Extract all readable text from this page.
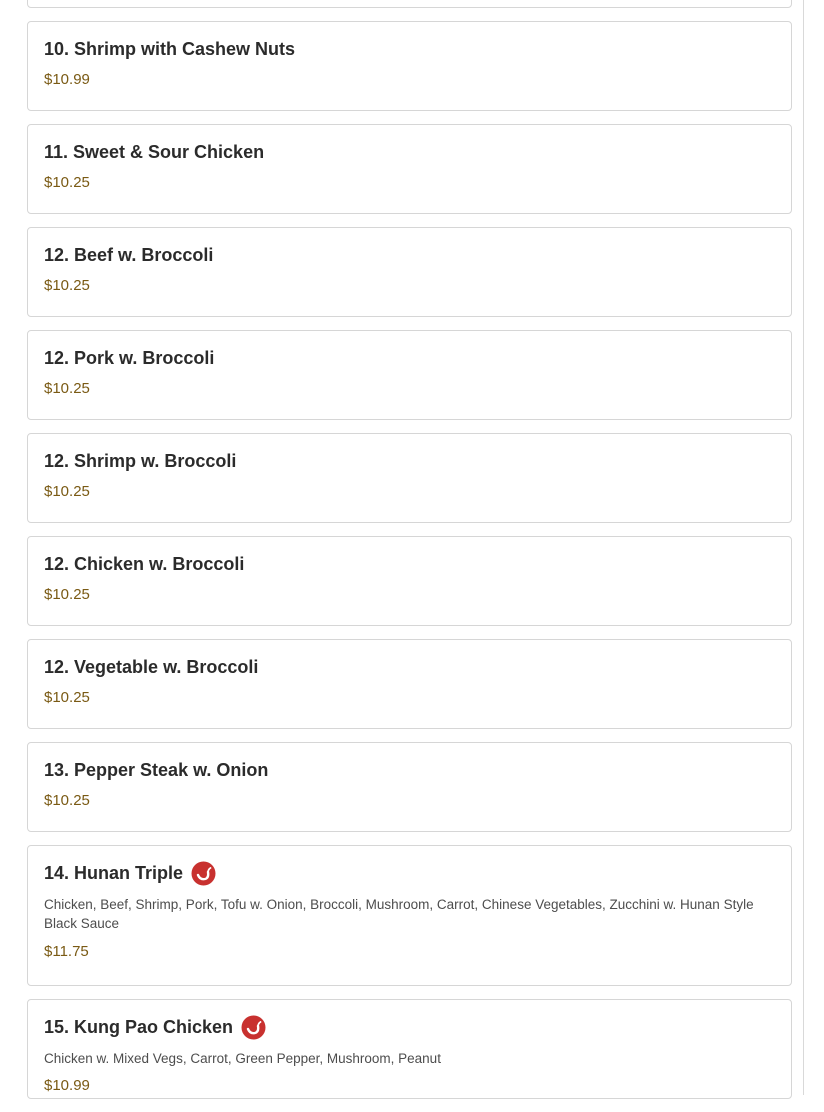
10. Shrimp with Cashew Nuts
$10.99
11. Sweet & Sour Chicken
$10.25
12. Beef w. Broccoli
$10.25
12. Pork w. Broccoli
$10.25
12. Shrimp w. Broccoli
$10.25
12. Chicken w. Broccoli
$10.25
12. Vegetable w. Broccoli
$10.25
13. Pepper Steak w. Onion
$10.25
14. Hunan Triple
Chicken, Beef, Shrimp, Pork, Tofu w. Onion, Broccoli, Mushroom, Carrot, Chinese Vegetables, Zucchini w. Hunan Style Black Sauce
$11.75
15. Kung Pao Chicken
Chicken w. Mixed Vegs, Carrot, Green Pepper, Mushroom, Peanut
$10.99
